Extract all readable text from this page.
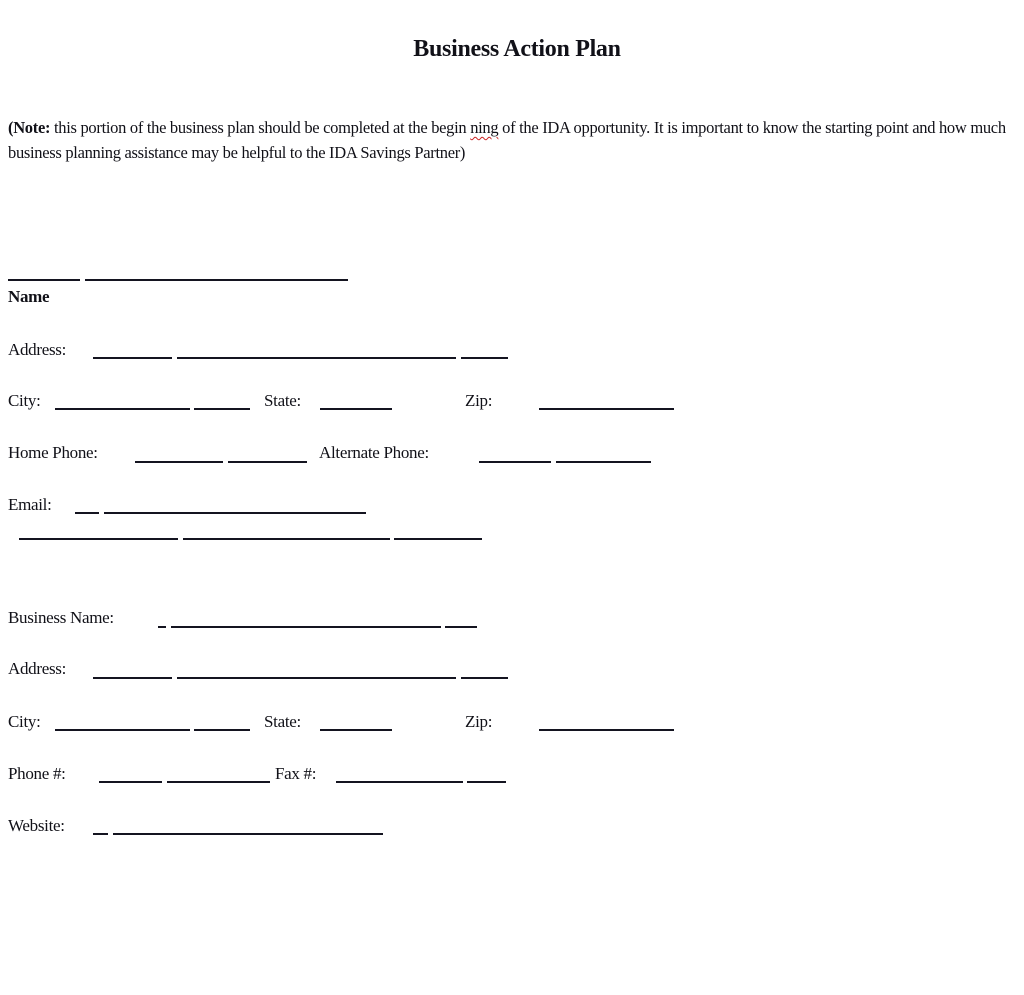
Business Action Plan
(Note: this portion of the business plan should be completed at the begin ning of the IDA opportunity. It is important to know the starting point and how much business planning assistance may be helpful to the IDA Savings Partner)
Name
Address:
City:	State:	Zip:
Home Phone:	Alternate Phone:
Email:
Business Name:
Address:
City:	State:	Zip:
Phone #:	Fax #:
Website:
